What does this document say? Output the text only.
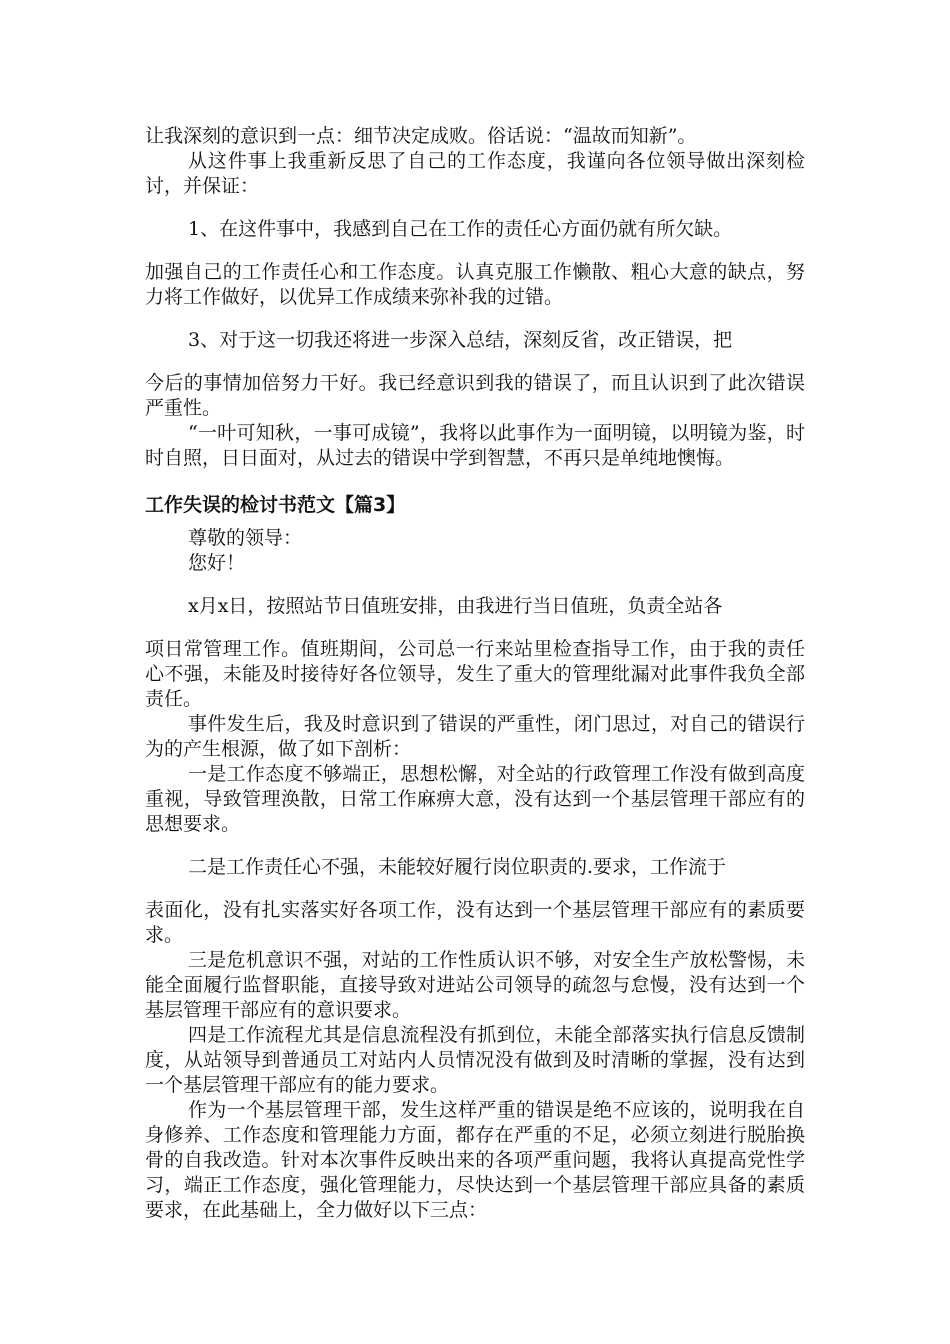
让我深刻的意识到一点：细节决定成败。俗话说：“温故而知新”。

从这件事上我重新反思了自己的工作态度，我谨向各位领导做出深刻检讨，并保证：

1、在这件事中，我感到自己在工作的责任心方面仍就有所欠缺。

加强自己的工作责任心和工作态度。认真克服工作懒散、粗心大意的缺点，努力将工作做好，以优异工作成绩来弥补我的过错。

3、对于这一切我还将进一步深入总结，深刻反省，改正错误，把

今后的事情加倍努力干好。我已经意识到我的错误了，而且认识到了此次错误严重性。

“一叶可知秋，一事可成镜”，我将以此事作为一面明镜，以明镜为鉴，时时自照，日日面对，从过去的错误中学到智慧，不再只是单纯地懊悔。

工作失误的检讨书范文【篇3】

尊敬的领导：

您好！

x月x日，按照站节日值班安排，由我进行当日值班，负责全站各

项日常管理工作。值班期间，公司总一行来站里检查指导工作，由于我的责任心不强，未能及时接待好各位领导，发生了重大的管理纰漏对此事件我负全部责任。

事件发生后，我及时意识到了错误的严重性，闭门思过，对自己的错误行为的产生根源，做了如下剖析：

一是工作态度不够端正，思想松懈，对全站的行政管理工作没有做到高度重视，导致管理涣散，日常工作麻痹大意，没有达到一个基层管理干部应有的思想要求。

二是工作责任心不强，未能较好履行岗位职责的.要求，工作流于

表面化，没有扎实落实好各项工作，没有达到一个基层管理干部应有的素质要求。

三是危机意识不强，对站的工作性质认识不够，对安全生产放松警惕，未能全面履行监督职能，直接导致对进站公司领导的疏忽与怠慢，没有达到一个基层管理干部应有的意识要求。

四是工作流程尤其是信息流程没有抓到位，未能全部落实执行信息反馈制度，从站领导到普通员工对站内人员情况没有做到及时清晰的掌握，没有达到一个基层管理干部应有的能力要求。

作为一个基层管理干部，发生这样严重的错误是绝不应该的，说明我在自身修养、工作态度和管理能力方面，都存在严重的不足，必须立刻进行脱胎换骨的自我改造。针对本次事件反映出来的各项严重问题，我将认真提高党性学习，端正工作态度，强化管理能力，尽快达到一个基层管理干部应具备的素质要求，在此基础上，全力做好以下三点：
